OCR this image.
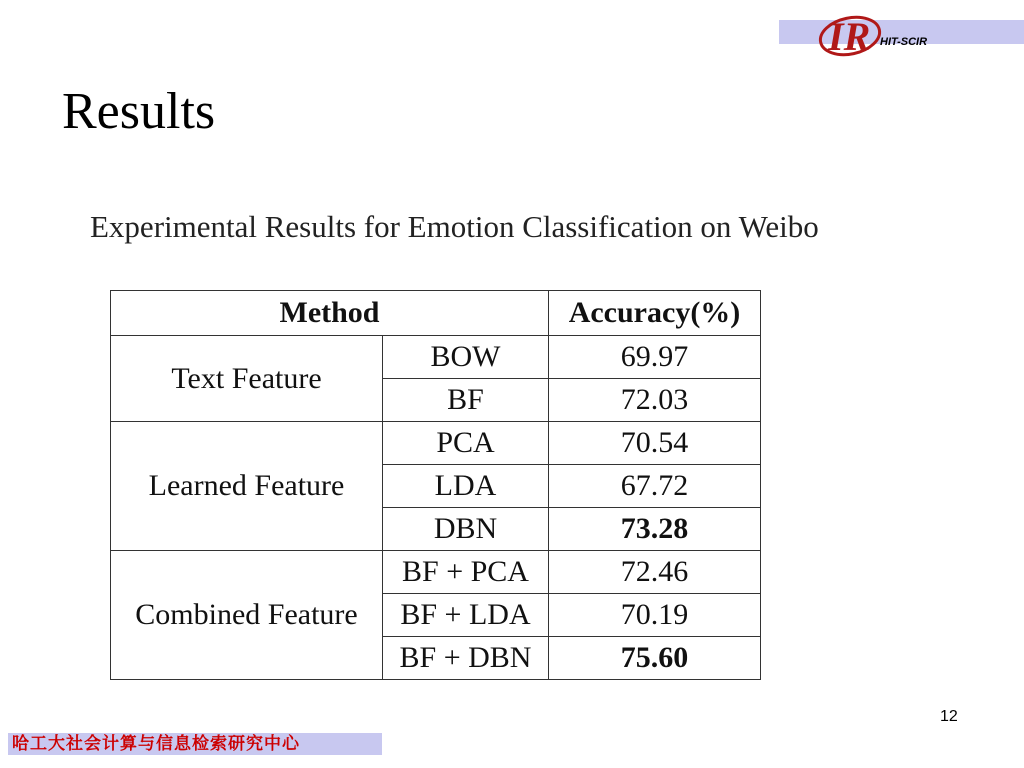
IR HIT-SCIR
Results
Experimental Results for Emotion Classification on Weibo
Method		Accuracy(%)
Text Feature	BOW	69.97
	BF	72.03
Learned Feature	PCA	70.54
	LDA	67.72
	DBN	73.28
Combined Feature	BF + PCA	72.46
	BF + LDA	70.19
	BF + DBN	75.60
12
哈工大社会计算与信息检索研究中心
